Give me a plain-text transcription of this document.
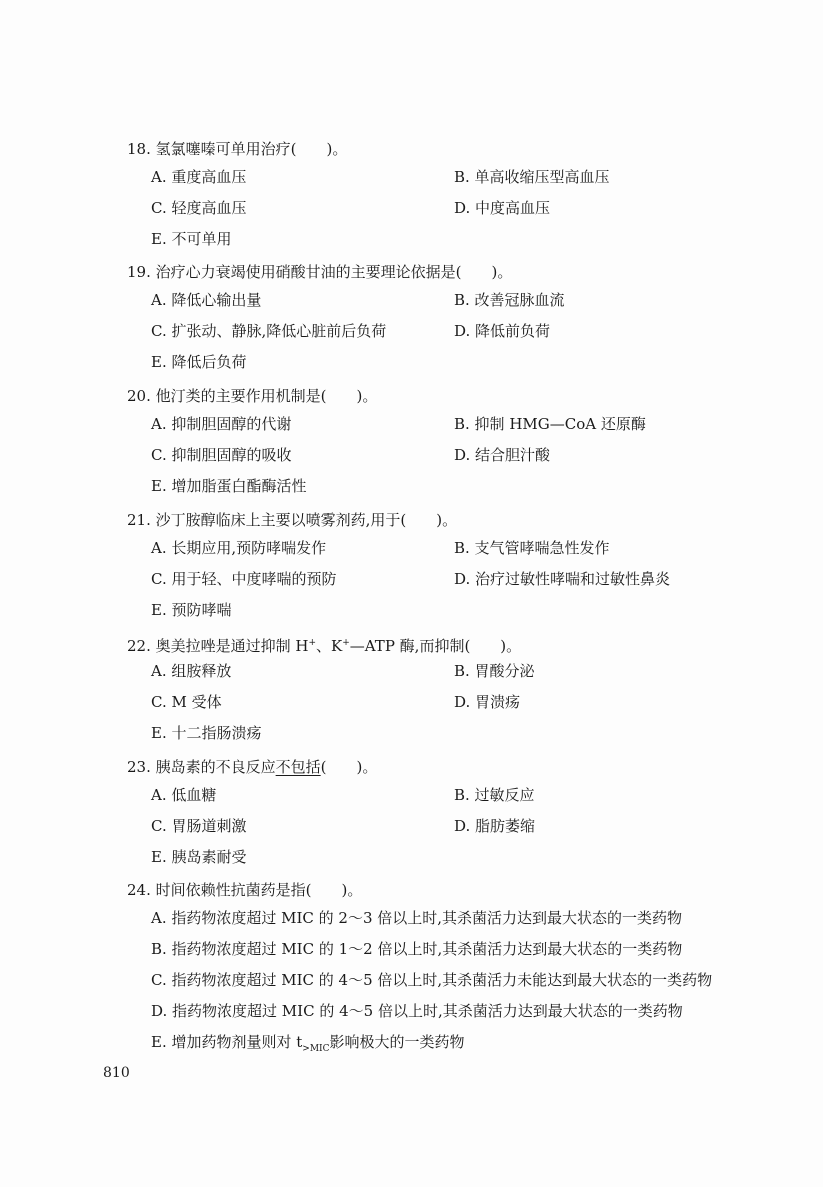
18. 氢氯噻嗪可单用治疗(　　)。
A. 重度高血压	B. 单高收缩压型高血压
C. 轻度高血压	D. 中度高血压
E. 不可单用
19. 治疗心力衰竭使用硝酸甘油的主要理论依据是(　　)。
A. 降低心输出量	B. 改善冠脉血流
C. 扩张动、静脉,降低心脏前后负荷	D. 降低前负荷
E. 降低后负荷
20. 他汀类的主要作用机制是(　　)。
A. 抑制胆固醇的代谢	B. 抑制 HMG—CoA 还原酶
C. 抑制胆固醇的吸收	D. 结合胆汁酸
E. 增加脂蛋白酯酶活性
21. 沙丁胺醇临床上主要以喷雾剂药,用于(　　)。
A. 长期应用,预防哮喘发作	B. 支气管哮喘急性发作
C. 用于轻、中度哮喘的预防	D. 治疗过敏性哮喘和过敏性鼻炎
E. 预防哮喘
22. 奥美拉唑是通过抑制 H+、K+—ATP 酶,而抑制(　　)。
A. 组胺释放	B. 胃酸分泌
C. M 受体	D. 胃溃疡
E. 十二指肠溃疡
23. 胰岛素的不良反应不包括(　　)。
A. 低血糖	B. 过敏反应
C. 胃肠道刺激	D. 脂肪萎缩
E. 胰岛素耐受
24. 时间依赖性抗菌药是指(　　)。
A. 指药物浓度超过 MIC 的 2～3 倍以上时,其杀菌活力达到最大状态的一类药物
B. 指药物浓度超过 MIC 的 1～2 倍以上时,其杀菌活力达到最大状态的一类药物
C. 指药物浓度超过 MIC 的 4～5 倍以上时,其杀菌活力未能达到最大状态的一类药物
D. 指药物浓度超过 MIC 的 4～5 倍以上时,其杀菌活力达到最大状态的一类药物
E. 增加药物剂量则对 $t_{>MIC}$影响极大的一类药物
810
